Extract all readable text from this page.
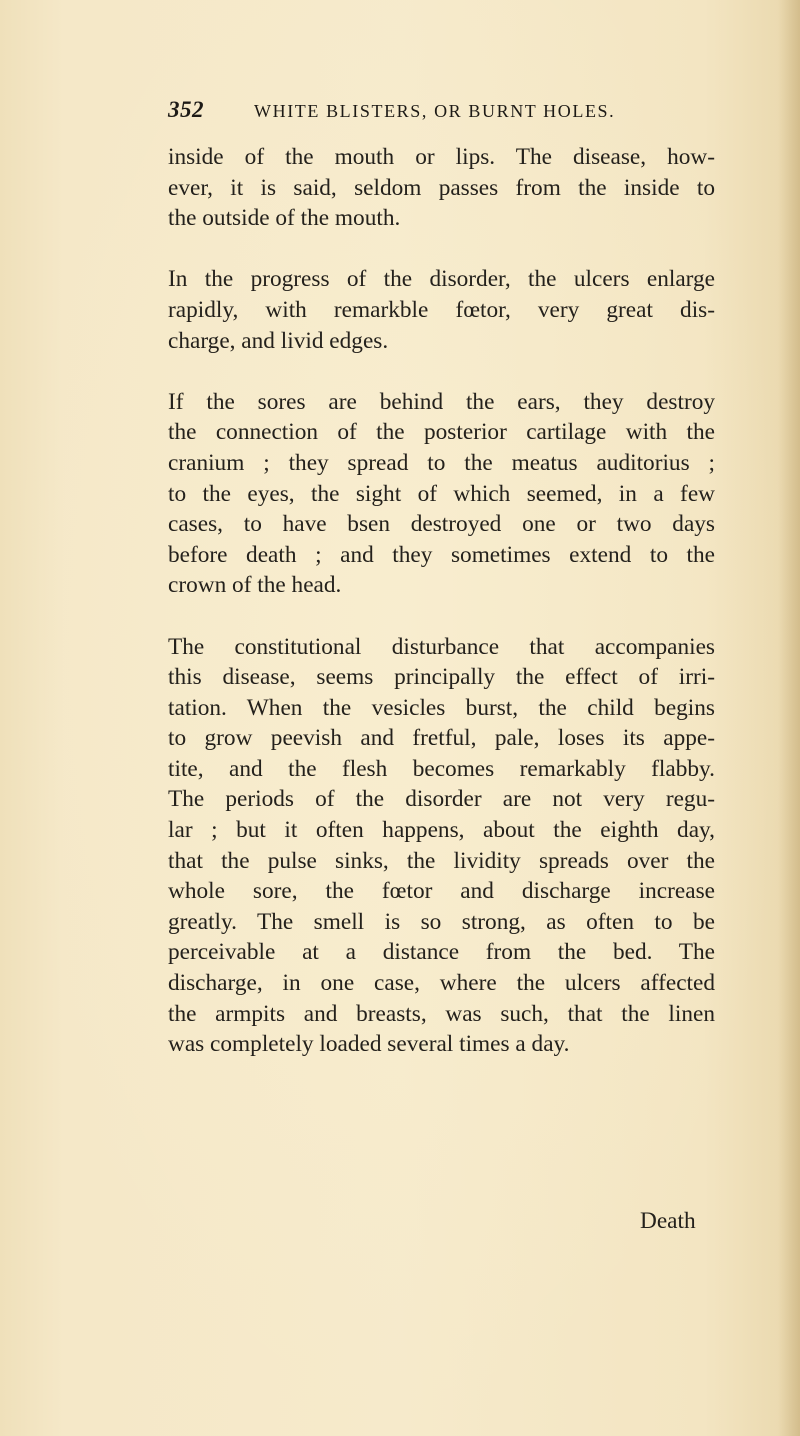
352	WHITE BLISTERS, OR BURNT HOLES.

inside of the mouth or lips. The disease, how-
ever, it is said, seldom passes from the inside to
the outside of the mouth.

In the progress of the disorder, the ulcers enlarge
rapidly, with remarkble fœtor, very great dis-
charge, and livid edges.

If the sores are behind the ears, they destroy
the connection of the posterior cartilage with the
cranium ; they spread to the meatus auditorius ;
to the eyes, the sight of which seemed, in a few
cases, to have bsen destroyed one or two days
before death ; and they sometimes extend to the
crown of the head.

The constitutional disturbance that accompanies
this disease, seems principally the effect of irri-
tation. When the vesicles burst, the child begins
to grow peevish and fretful, pale, loses its appe-
tite, and the flesh becomes remarkably flabby.
The periods of the disorder are not very regu-
lar ; but it often happens, about the eighth day,
that the pulse sinks, the lividity spreads over the
whole sore, the fœtor and discharge increase
greatly. The smell is so strong, as often to be
perceivable at a distance from the bed. The
discharge, in one case, where the ulcers affected
the armpits and breasts, was such, that the linen
was completely loaded several times a day.

Death
